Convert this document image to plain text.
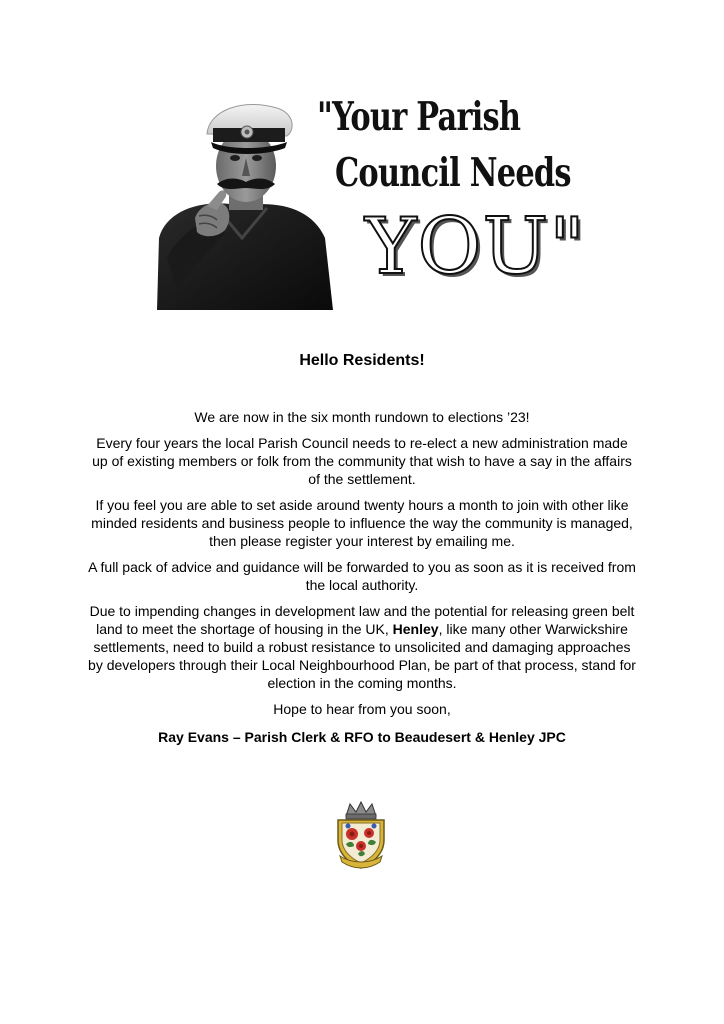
"Your Parish
Council Needs
YOU"
Hello Residents!

We are now in the six month rundown to elections ’23!

Every four years the local Parish Council needs to re-elect a new administration made up of existing members or folk from the community that wish to have a say in the affairs of the settlement.

If you feel you are able to set aside around twenty hours a month to join with other like minded residents and business people to influence the way the community is managed, then please register your interest by emailing me.

A full pack of advice and guidance will be forwarded to you as soon as it is received from the local authority.

Due to impending changes in development law and the potential for releasing green belt land to meet the shortage of housing in the UK, Henley, like many other Warwickshire settlements, need to build a robust resistance to unsolicited and damaging approaches by developers through their Local Neighbourhood Plan, be part of that process, stand for election in the coming months.

Hope to hear from you soon,

Ray Evans – Parish Clerk & RFO to Beaudesert & Henley JPC
